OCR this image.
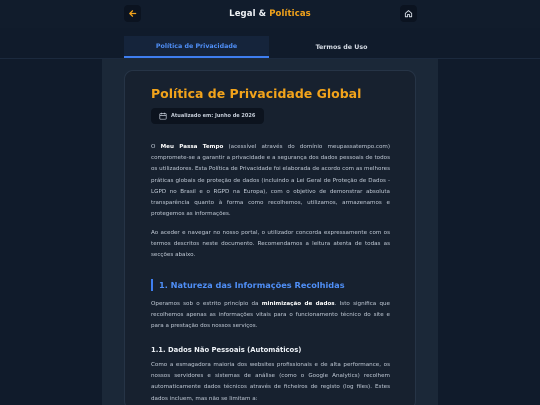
Legal & Políticas
Política de Privacidade	Termos de Uso
Política de Privacidade Global
Atualizado em: Junho de 2026
O Meu Passa Tempo (acessível através do domínio meupassatempo.com) compromete-se a garantir a privacidade e a segurança dos dados pessoais de todos os utilizadores. Esta Política de Privacidade foi elaborada de acordo com as melhores práticas globais de proteção de dados (incluindo a Lei Geral de Proteção de Dados - LGPD no Brasil e o RGPD na Europa), com o objetivo de demonstrar absoluta transparência quanto à forma como recolhemos, utilizamos, armazenamos e protegemos as informações.
Ao aceder e navegar no nosso portal, o utilizador concorda expressamente com os termos descritos neste documento. Recomendamos a leitura atenta de todas as secções abaixo.
1. Natureza das Informações Recolhidas
Operamos sob o estrito princípio da minimização de dados. Isto significa que recolhemos apenas as informações vitais para o funcionamento técnico do site e para a prestação dos nossos serviços.
1.1. Dados Não Pessoais (Automáticos)
Como a esmagadora maioria dos websites profissionais e de alta performance, os nossos servidores e sistemas de análise (como o Google Analytics) recolhem automaticamente dados técnicos através de ficheiros de registo (log files). Estes dados incluem, mas não se limitam a:
